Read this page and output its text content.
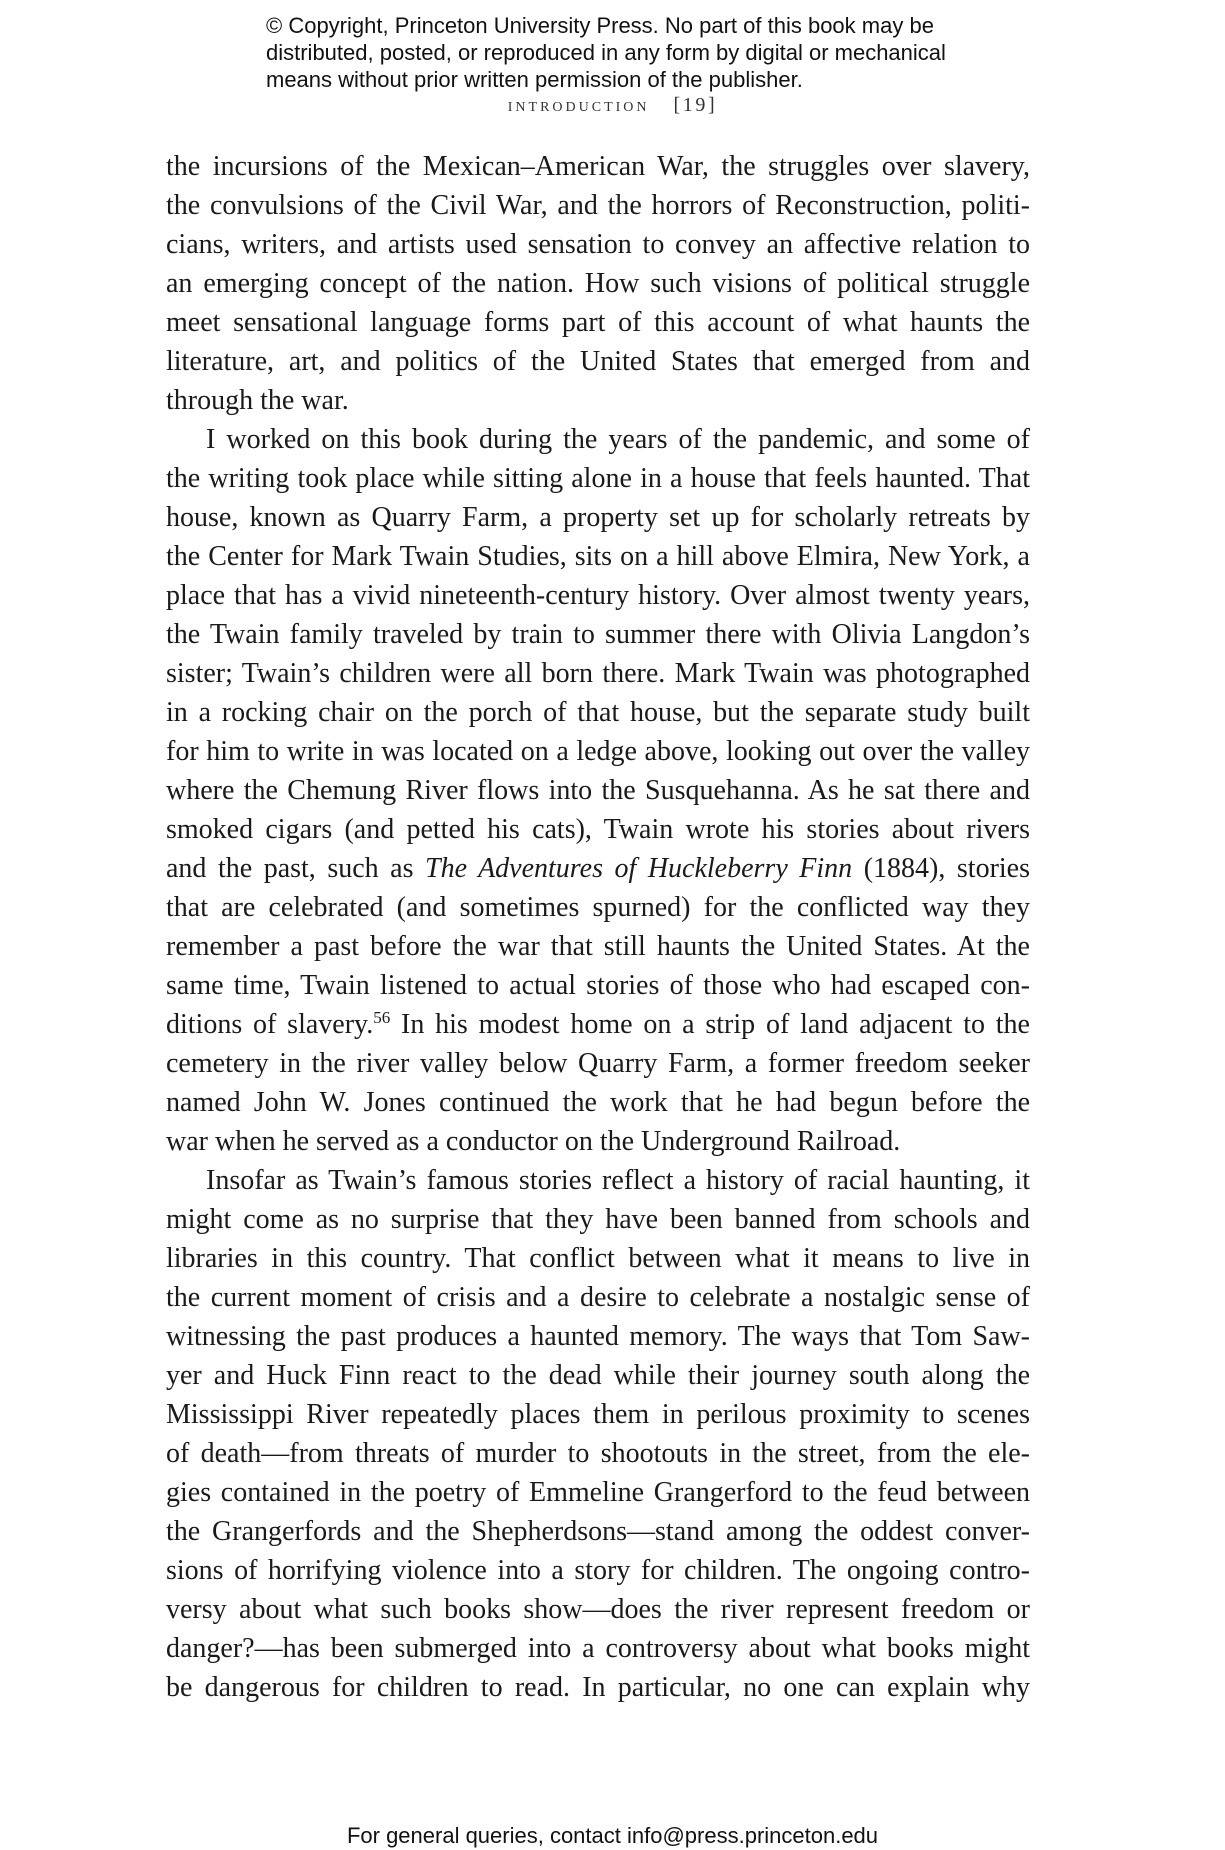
© Copyright, Princeton University Press. No part of this book may be
distributed, posted, or reproduced in any form by digital or mechanical
means without prior written permission of the publisher.
introduction [19]
the incursions of the Mexican–American War, the struggles over slavery,
the convulsions of the Civil War, and the horrors of Reconstruction, politi-
cians, writers, and artists used sensation to convey an affective relation to
an emerging concept of the nation. How such visions of political struggle
meet sensational language forms part of this account of what haunts the
literature, art, and politics of the United States that emerged from and
through the war.
I worked on this book during the years of the pandemic, and some of
the writing took place while sitting alone in a house that feels haunted. That
house, known as Quarry Farm, a property set up for scholarly retreats by
the Center for Mark Twain Studies, sits on a hill above Elmira, New York, a
place that has a vivid nineteenth-century history. Over almost twenty years,
the Twain family traveled by train to summer there with Olivia Langdon’s
sister; Twain’s children were all born there. Mark Twain was photographed
in a rocking chair on the porch of that house, but the separate study built
for him to write in was located on a ledge above, looking out over the valley
where the Chemung River flows into the Susquehanna. As he sat there and
smoked cigars (and petted his cats), Twain wrote his stories about rivers
and the past, such as The Adventures of Huckleberry Finn (1884), stories
that are celebrated (and sometimes spurned) for the conflicted way they
remember a past before the war that still haunts the United States. At the
same time, Twain listened to actual stories of those who had escaped con-
ditions of slavery.$^{56}$ In his modest home on a strip of land adjacent to the
cemetery in the river valley below Quarry Farm, a former freedom seeker
named John W. Jones continued the work that he had begun before the
war when he served as a conductor on the Underground Railroad.
Insofar as Twain’s famous stories reflect a history of racial haunting, it
might come as no surprise that they have been banned from schools and
libraries in this country. That conflict between what it means to live in
the current moment of crisis and a desire to celebrate a nostalgic sense of
witnessing the past produces a haunted memory. The ways that Tom Saw-
yer and Huck Finn react to the dead while their journey south along the
Mississippi River repeatedly places them in perilous proximity to scenes
of death—from threats of murder to shootouts in the street, from the ele-
gies contained in the poetry of Emmeline Grangerford to the feud between
the Grangerfords and the Shepherdsons—stand among the oddest conver-
sions of horrifying violence into a story for children. The ongoing contro-
versy about what such books show—does the river represent freedom or
danger?—has been submerged into a controversy about what books might
be dangerous for children to read. In particular, no one can explain why
For general queries, contact info@press.princeton.edu
